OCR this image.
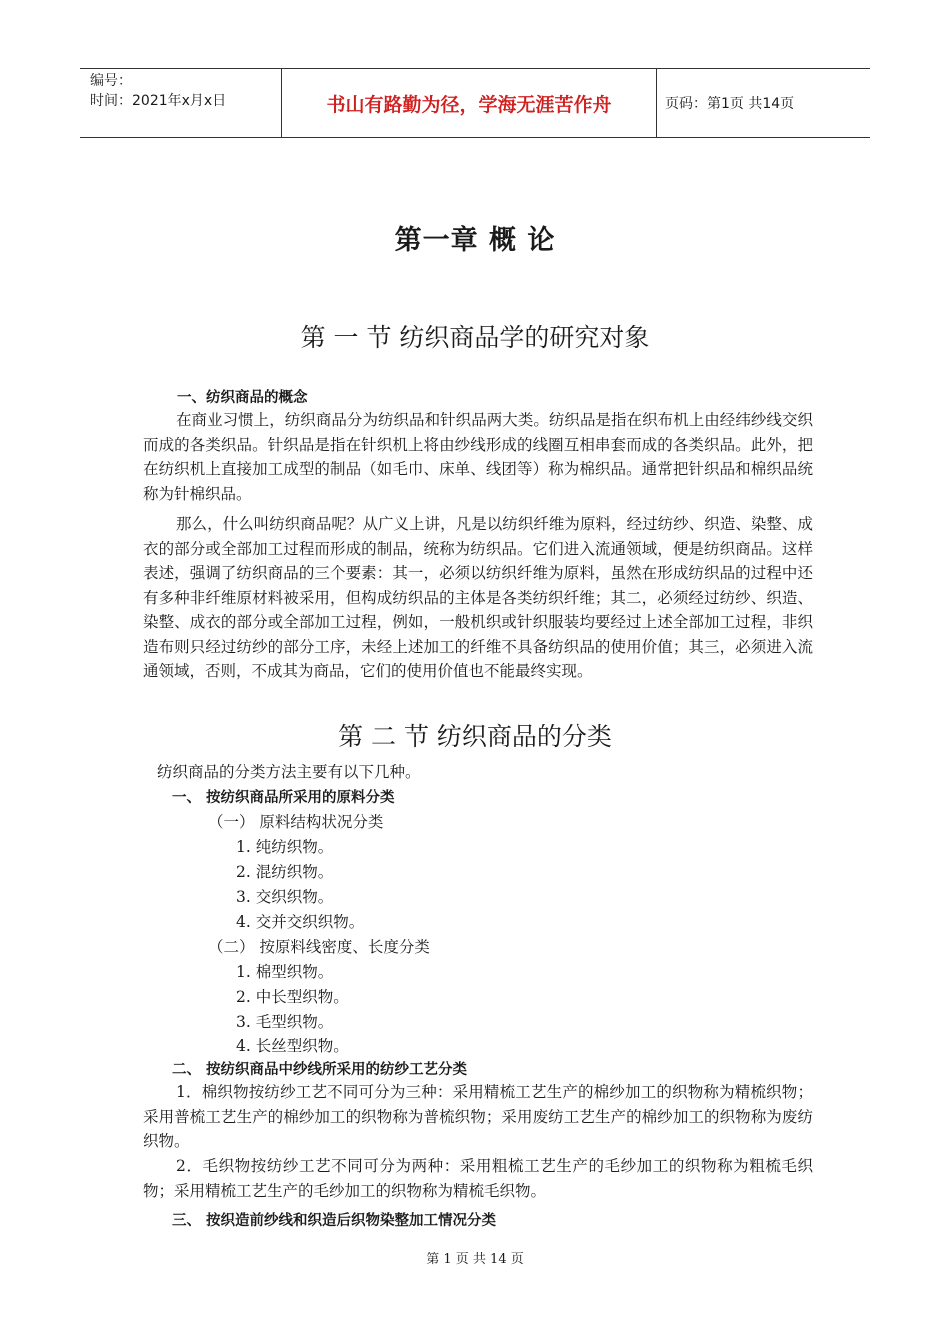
编号：
时间：2021年x月x日	书山有路勤为径，学海无涯苦作舟	页码：第1页 共14页
第一章 概 论
第 一 节 纺织商品学的研究对象
一、纺织商品的概念

在商业习惯上，纺织商品分为纺织品和针织品两大类。纺织品是指在织布机上由经纬纱线交织而成的各类织品。针织品是指在针织机上将由纱线形成的线圈互相串套而成的各类织品。此外，把在纺织机上直接加工成型的制品（如毛巾、床单、线团等）称为棉织品。通常把针织品和棉织品统称为针棉织品。

那么，什么叫纺织商品呢？从广义上讲，凡是以纺织纤维为原料，经过纺纱、织造、染整、成衣的部分或全部加工过程而形成的制品，统称为纺织品。它们进入流通领域，便是纺织商品。这样表述，强调了纺织商品的三个要素：其一，必须以纺织纤维为原料，虽然在形成纺织品的过程中还有多种非纤维原材料被采用，但构成纺织品的主体是各类纺织纤维；其二，必须经过纺纱、织造、染整、成衣的部分或全部加工过程，例如，一般机织或针织服装均要经过上述全部加工过程，非织造布则只经过纺纱的部分工序，未经上述加工的纤维不具备纺织品的使用价值；其三，必须进入流通领域，否则，不成其为商品，它们的使用价值也不能最终实现。

第 二 节 纺织商品的分类
纺织商品的分类方法主要有以下几种。
一、 按纺织商品所采用的原料分类
（一） 原料结构状况分类
1. 纯纺织物。
2. 混纺织物。
3. 交织织物。
4. 交并交织织物。
（二） 按原料线密度、长度分类
1. 棉型织物。
2. 中长型织物。
3. 毛型织物。
4. 长丝型织物。
二、 按纺织商品中纱线所采用的纺纱工艺分类

1．棉织物按纺纱工艺不同可分为三种：采用精梳工艺生产的棉纱加工的织物称为精梳织物；采用普梳工艺生产的棉纱加工的织物称为普梳织物；采用废纺工艺生产的棉纱加工的织物称为废纺织物。

2．毛织物按纺纱工艺不同可分为两种：采用粗梳工艺生产的毛纱加工的织物称为粗梳毛织物；采用精梳工艺生产的毛纱加工的织物称为精梳毛织物。

三、 按织造前纱线和织造后织物染整加工情况分类
第 1 页 共 14 页
